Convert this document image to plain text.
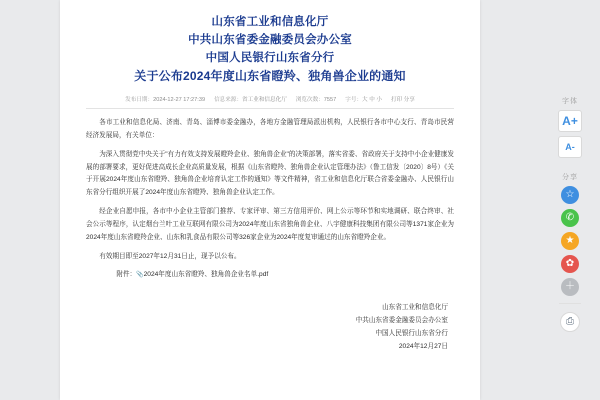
山东省工业和信息化厅
中共山东省委金融委员会办公室
中国人民银行山东省分行
关于公布2024年度山东省瞪羚、独角兽企业的通知
发布日期：2024-12-27 17:27:39 信息来源：省工业和信息化厅 浏览次数：7557 字号：大 中 小 打印 分享

各市工业和信息化局、济南、青岛、淄博市委金融办，各地方金融管理局派出机构，人民银行各市中心支行、青岛市民营经济发展局，有关单位：

为深入贯彻党中央关于"有力有效支持发展瞪羚企业、独角兽企业"的决策部署，落实省委、省政府关于支持中小企业健康发展的部署要求，更好促进高成长企业高质量发展，根据《山东省瞪羚、独角兽企业认定管理办法》（鲁工信发〔2020〕8号）《关于开展2024年度山东省瞪羚、独角兽企业培育认定工作的通知》等文件精神，省工业和信息化厅联合省委金融办、人民银行山东省分行组织开展了2024年度山东省瞪羚、独角兽企业认定工作。

经企业自愿申报，各市中小企业主管部门推荐、专家评审、第三方信用评价、网上公示等环节和实地调研、联合终审、社会公示等程序，认定烟台兰叶工业互联网有限公司为2024年度山东省独角兽企业、八宇健康科技集团有限公司等1371家企业为2024年度山东省瞪羚企业、山东和乳食品有限公司等326家企业为2024年度复审通过的山东省瞪羚企业。

有效期目即至2027年12月31日止，现予以公布。

附件：📎2024年度山东省瞪羚、独角兽企业名单.pdf
山东省工业和信息化厅
中共山东省委金融委员会办公室
中国人民银行山东省分行
2024年12月27日
字体
A+
A-
分享
☆
✆
★
✿
＋
⎙
